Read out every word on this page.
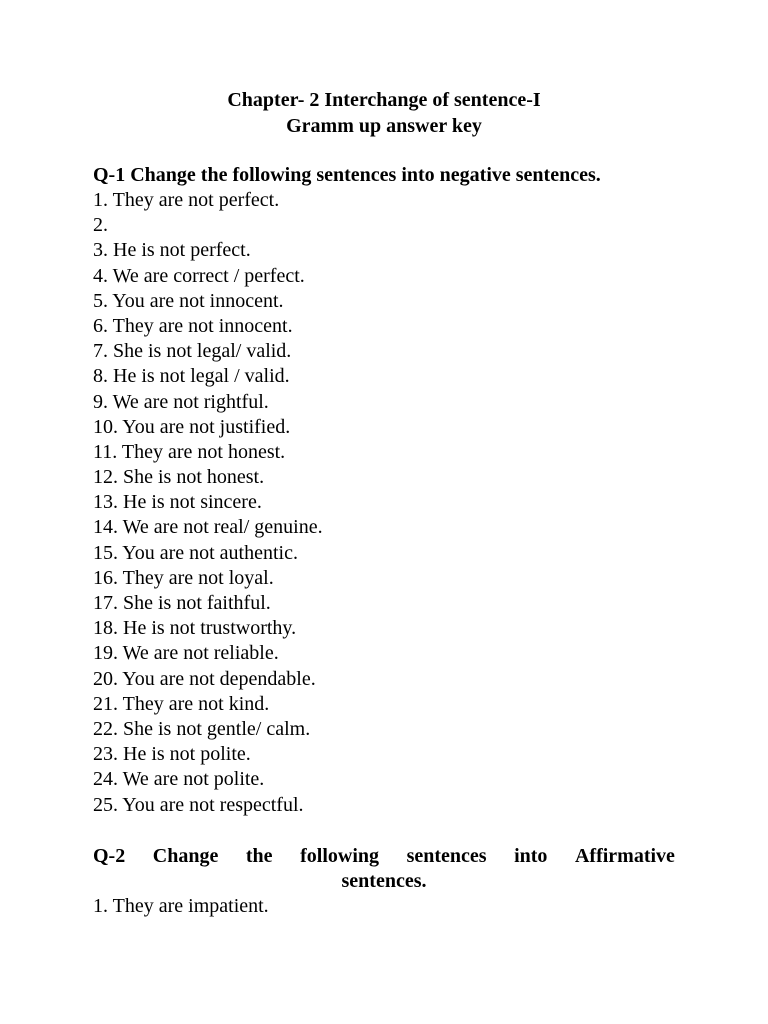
Chapter- 2 Interchange of sentence-I
Gramm up answer key
Q-1 Change the following sentences into negative sentences.
1. They are not perfect.
2.
3. He is not perfect.
4. We are correct / perfect.
5. You are not innocent.
6. They are not innocent.
7. She is not legal/ valid.
8. He is not legal / valid.
9. We are not rightful.
10. You are not justified.
11. They are not honest.
12. She is not honest.
13. He is not sincere.
14. We are not real/ genuine.
15. You are not authentic.
16. They are not loyal.
17. She is not faithful.
18. He is not trustworthy.
19. We are not reliable.
20. You are not dependable.
21. They are not kind.
22. She is not gentle/ calm.
23. He is not polite.
24. We are not polite.
25. You are not respectful.
Q-2 Change the following sentences into Affirmative
sentences.
1. They are impatient.
